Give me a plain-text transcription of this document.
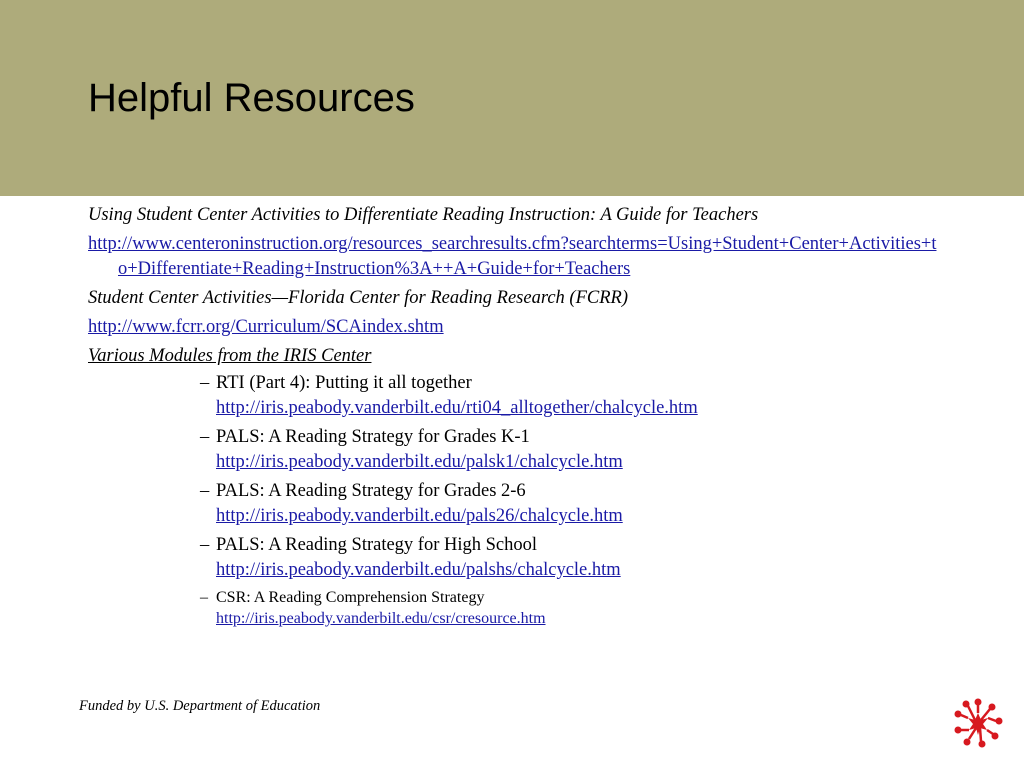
Helpful Resources

Using Student Center Activities to Differentiate Reading Instruction: A Guide for Teachers

http://www.centeroninstruction.org/resources_searchresults.cfm?searchterms=Using+Student+Center+Activities+to+Differentiate+Reading+Instruction%3A++A+Guide+for+Teachers

Student Center Activities—Florida Center for Reading Research (FCRR)

http://www.fcrr.org/Curriculum/SCAindex.shtm

Various Modules from the IRIS Center

– RTI (Part 4): Putting it all together
http://iris.peabody.vanderbilt.edu/rti04_alltogether/chalcycle.htm
– PALS: A Reading Strategy for Grades K-1
http://iris.peabody.vanderbilt.edu/palsk1/chalcycle.htm
– PALS: A Reading Strategy for Grades 2-6
http://iris.peabody.vanderbilt.edu/pals26/chalcycle.htm
– PALS: A Reading Strategy for High School
http://iris.peabody.vanderbilt.edu/palshs/chalcycle.htm
– CSR: A Reading Comprehension Strategy
http://iris.peabody.vanderbilt.edu/csr/cresource.htm

Funded by U.S. Department of Education
